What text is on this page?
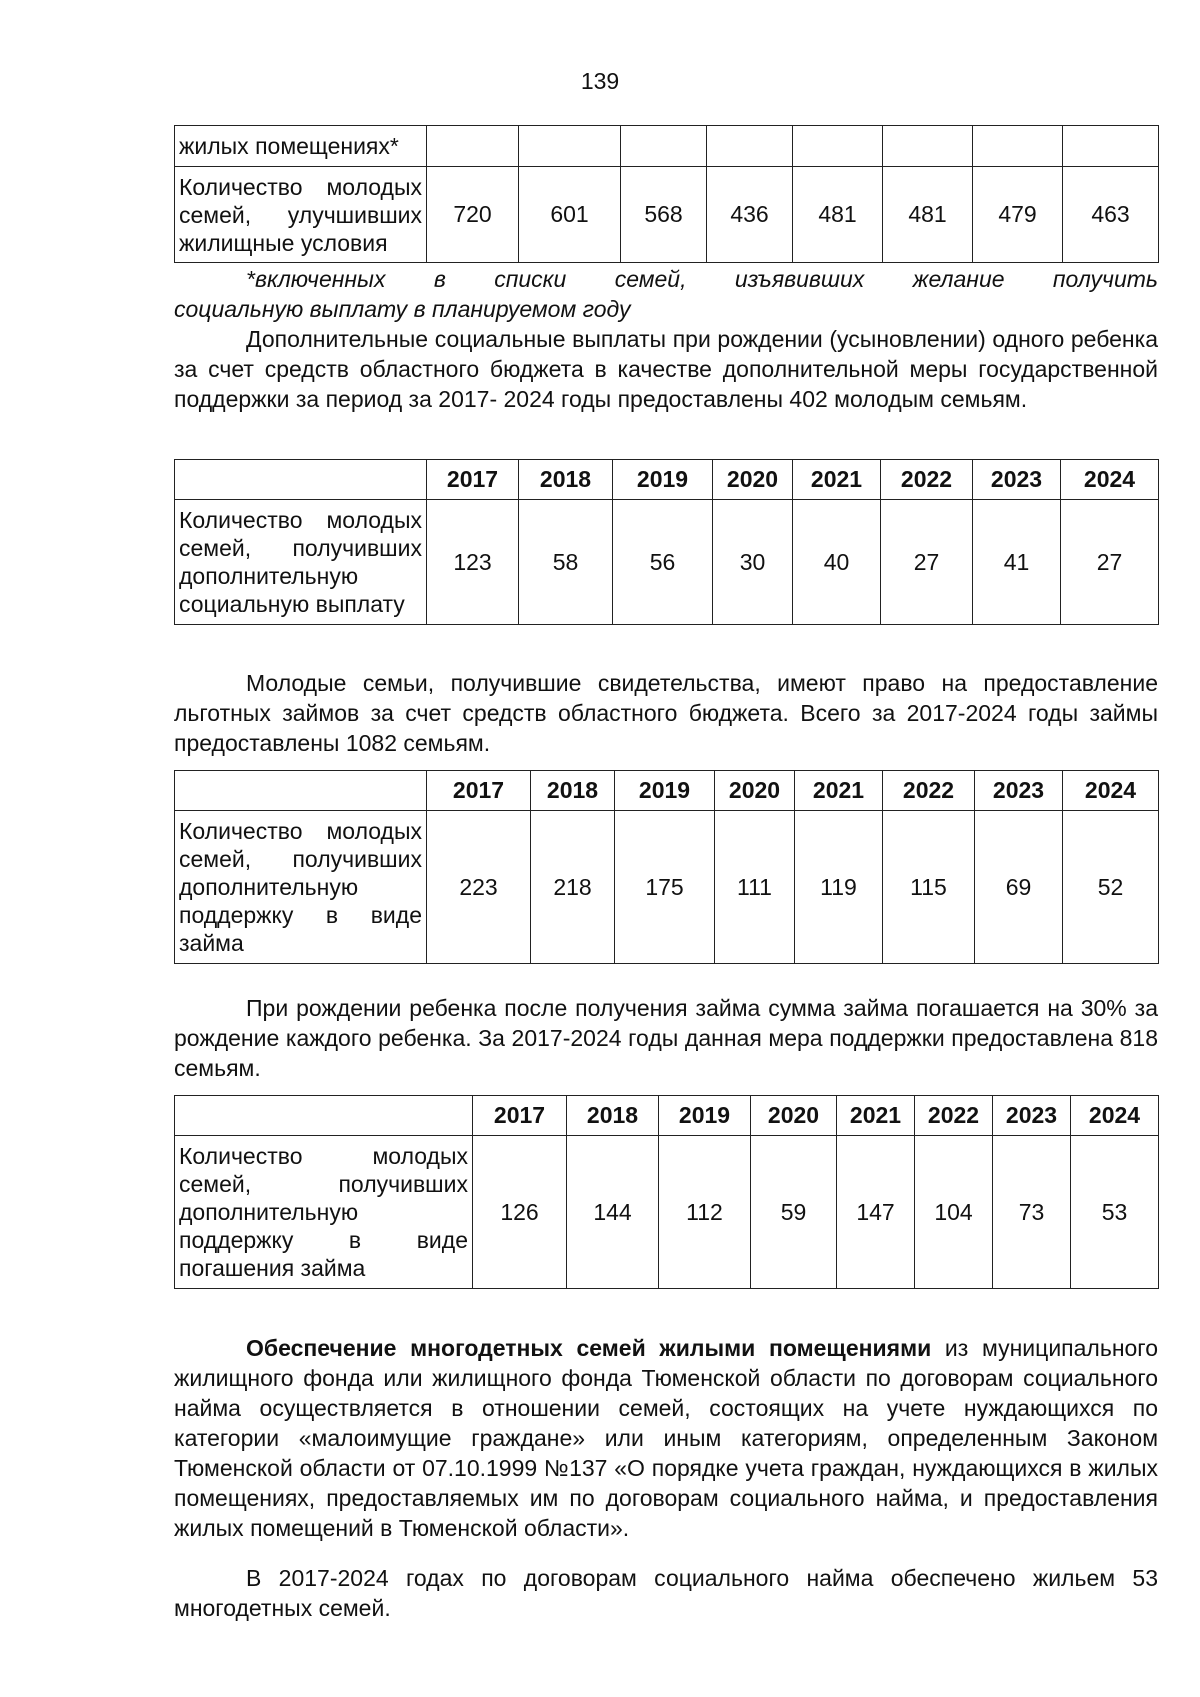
139
жилых помещениях*								
Количество молодых семей, улучшивших жилищные условия	720	601	568	436	481	481	479	463
*включенных в списки семей, изъявивших желание получить
социальную выплату в планируемом году

Дополнительные социальные выплаты при рождении (усыновлении) одного ребенка за счет средств областного бюджета в качестве дополнительной меры государственной поддержки за период за 2017- 2024 годы предоставлены 402 молодым семьям.

	2017	2018	2019	2020	2021	2022	2023	2024
Количество молодых семей, получивших дополнительную социальную выплату	123	58	56	30	40	27	41	27

Молодые семьи, получившие свидетельства, имеют право на предоставление льготных займов за счет средств областного бюджета. Всего за 2017-2024 годы займы предоставлены 1082 семьям.

	2017	2018	2019	2020	2021	2022	2023	2024
Количество молодых семей, получивших дополнительную поддержку в виде займа	223	218	175	111	119	115	69	52

При рождении ребенка после получения займа сумма займа погашается на 30% за рождение каждого ребенка. За 2017-2024 годы данная мера поддержки предоставлена 818 семьям.

	2017	2018	2019	2020	2021	2022	2023	2024
Количество молодых семей, получивших дополнительную поддержку в виде погашения займа	126	144	112	59	147	104	73	53

Обеспечение многодетных семей жилыми помещениями из муниципального жилищного фонда или жилищного фонда Тюменской области по договорам социального найма осуществляется в отношении семей, состоящих на учете нуждающихся по категории «малоимущие граждане» или иным категориям, определенным Законом Тюменской области от 07.10.1999 №137 «О порядке учета граждан, нуждающихся в жилых помещениях, предоставляемых им по договорам социального найма, и предоставления жилых помещений в Тюменской области».

В 2017-2024 годах по договорам социального найма обеспечено жильем 53 многодетных семей.
